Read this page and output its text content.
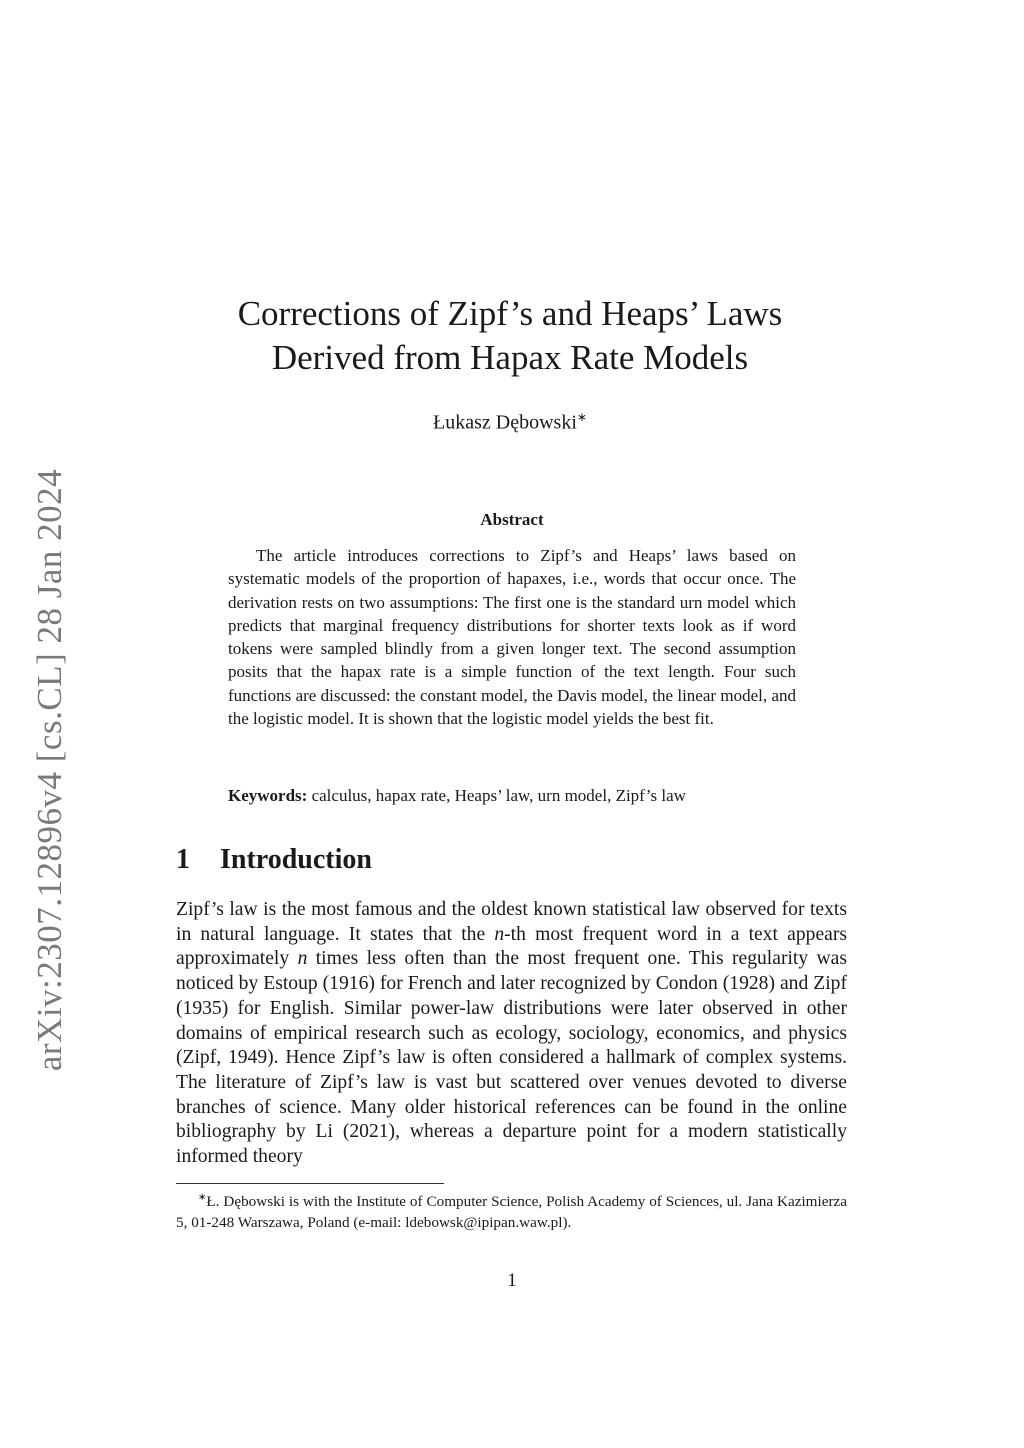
arXiv:2307.12896v4 [cs.CL] 28 Jan 2024
Corrections of Zipf’s and Heaps’ Laws
Derived from Hapax Rate Models
Łukasz Dębowski∗
Abstract

The article introduces corrections to Zipf’s and Heaps’ laws based on systematic models of the proportion of hapaxes, i.e., words that occur once. The derivation rests on two assumptions: The first one is the standard urn model which predicts that marginal frequency distributions for shorter texts look as if word tokens were sampled blindly from a given longer text. The second assumption posits that the hapax rate is a simple function of the text length. Four such functions are discussed: the constant model, the Davis model, the linear model, and the logistic model. It is shown that the logistic model yields the best fit.

Keywords: calculus, hapax rate, Heaps’ law, urn model, Zipf’s law
1 Introduction

Zipf’s law is the most famous and the oldest known statistical law observed for texts in natural language. It states that the n-th most frequent word in a text appears approximately n times less often than the most frequent one. This regularity was noticed by Estoup (1916) for French and later recognized by Condon (1928) and Zipf (1935) for English. Similar power-law distributions were later observed in other domains of empirical research such as ecology, sociology, economics, and physics (Zipf, 1949). Hence Zipf’s law is often considered a hallmark of complex systems. The literature of Zipf’s law is vast but scattered over venues devoted to diverse branches of science. Many older historical references can be found in the online bibliography by Li (2021), whereas a departure point for a modern statistically informed theory

∗Ł. Dębowski is with the Institute of Computer Science, Polish Academy of Sciences, ul. Jana Kazimierza 5, 01-248 Warszawa, Poland (e-mail: ldebowsk@ipipan.waw.pl).

1
